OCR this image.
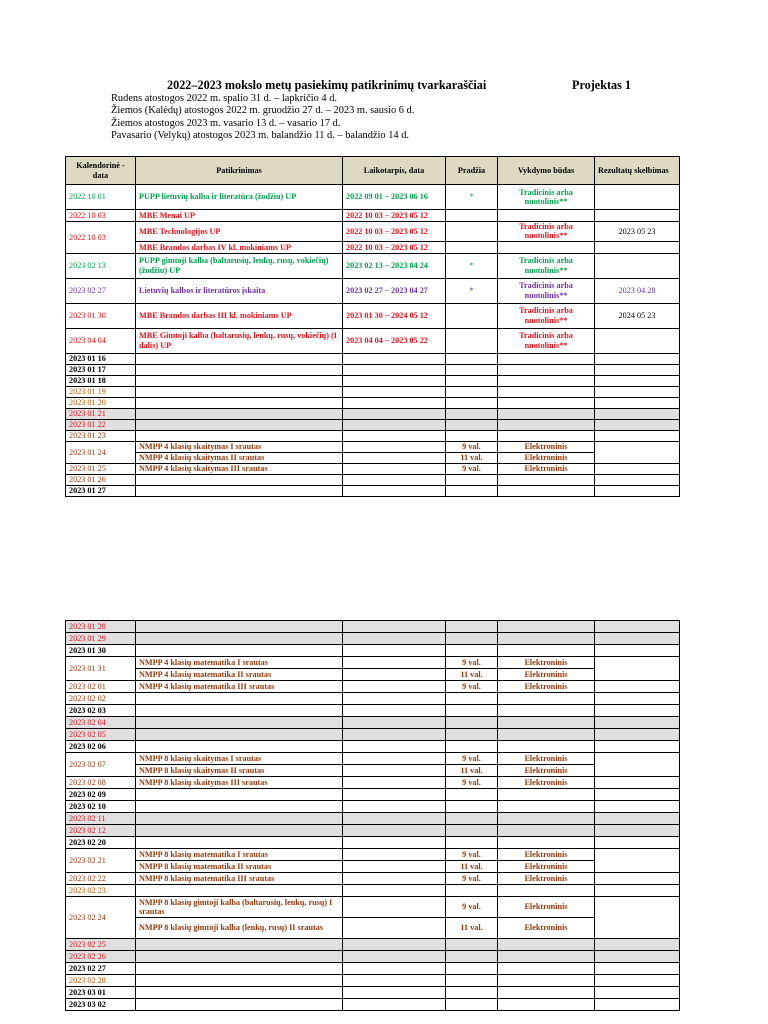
2022–2023 mokslo metų pasiekimų patikrinimų tvarkaraščiai	Projektas 1
Rudens atostogos 2022 m. spalio 31 d. – lapkričio 4 d.
Žiemos (Kalėdų) atostogos 2022 m. gruodžio 27 d. – 2023 m. sausio 6 d.
Žiemos atostogos 2023 m. vasario 13 d. – vasario 17 d.
Pavasario (Velykų) atostogos 2023 m. balandžio 11 d. – balandžio 14 d.
Kalendorinė - data	Patikrinimas	Laikotarpis, data	Pradžia	Vykdymo būdas	Rezultatų skelbimas
2022 10 01	PUPP lietuvių kalba ir literatūra (žodžiu) UP	2022 09 01 – 2023 06 16	*	Tradicinis arba nuotolinis**	
2022 10 03	MBE Menai UP	2022 10 03 – 2023 05 12			
2022 10 03	MBE Technologijos UP	2022 10 03 – 2023 05 12		Tradicinis arba nuotolinis**	2023 05 23
	MBE Brandos darbas IV kl. mokiniams UP	2022 10 03 – 2023 05 12			
2023 02 13	PUPP gimtoji kalba (baltarusių, lenkų, rusų, vokiečių) (žodžiu) UP	2023 02 13 – 2023 04 24	*	Tradicinis arba nuotolinis**	
2023 02 27	Lietuvių kalbos ir literatūros įskaita	2023 02 27 – 2023 04 27	*	Tradicinis arba nuotolinis**	2023 04 28
2023 01 30	MBE Brandos darbas III kl. mokiniams UP	2023 01 30 – 2024 05 12		Tradicinis arba nuotolinis**	2024 05 23
2023 04 04	MBE Gimtoji kalba (baltarusių, lenkų, rusų, vokiečių) (I dalis) UP	2023 04 04 – 2023 05 22		Tradicinis arba nuotolinis**	
2023 01 16					
2023 01 17					
2023 01 18					
2023 01 19					
2023 01 20					
2023 01 21					
2023 01 22					
2023 01 23					
2023 01 24	NMPP 4 klasių skaitymas I srautas		9 val.	Elektroninis	
	NMPP 4 klasių skaitymas II srautas		11 val.	Elektroninis	
2023 01 25	NMPP 4 klasių skaitymas III srautas		9 val.	Elektroninis	
2023 01 26					
2023 01 27					
2023 01 28					
2023 01 29					
2023 01 30					
2023 01 31	NMPP 4 klasių matematika I srautas		9 val.	Elektroninis	
	NMPP 4 klasių matematika II srautas		11 val.	Elektroninis	
2023 02 01	NMPP 4 klasių matematika III srautas		9 val.	Elektroninis	
2023 02 02					
2023 02 03					
2023 02 04					
2023 02 05					
2023 02 06					
2023 02 07	NMPP 8 klasių skaitymas I srautas		9 val.	Elektroninis	
	NMPP 8 klasių skaitymas II srautas		11 val.	Elektroninis	
2023 02 08	NMPP 8 klasių skaitymas III srautas		9 val.	Elektroninis	
2023 02 09					
2023 02 10					
2023 02 11					
2023 02 12					
2023 02 20					
2023 02 21	NMPP 8 klasių matematika I srautas		9 val.	Elektroninis	
	NMPP 8 klasių matematika II srautas		11 val.	Elektroninis	
2023 02 22	NMPP 8 klasių matematika III srautas		9 val.	Elektroninis	
2023 02 23					
2023 02 24	NMPP 8 klasių gimtoji kalba (baltarusių, lenkų, rusų) I srautas		9 val.	Elektroninis	
	NMPP 8 klasių gimtoji kalba (lenkų, rusų) II srautas		11 val.	Elektroninis	
2023 02 25					
2023 02 26					
2023 02 27					
2023 02 28					
2023 03 01					
2023 03 02					
